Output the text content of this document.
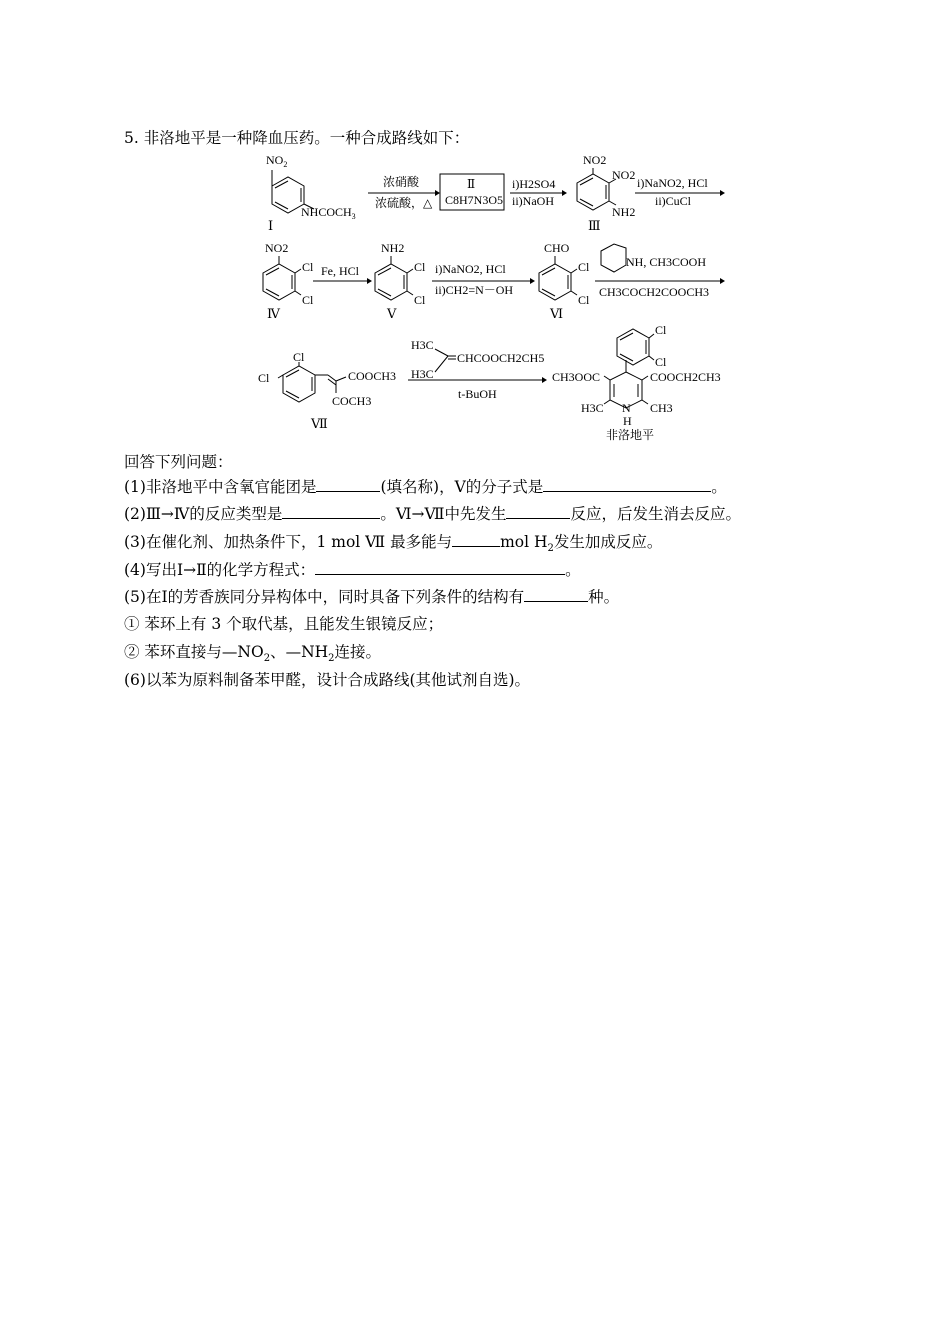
5. 非洛地平是一种降血压药。一种合成路线如下：
$NO_2$
$NHCOCH_3$
Ⅰ
浓硝酸
浓硫酸，△
Ⅱ
C8H7N3O5
i)H2SO4
ii)NaOH
NO2
NO2
NH2
Ⅲ
i)NaNO2, HCl
ii)CuCl
NO2
Cl
Cl
Ⅳ
Fe, HCl
NH2
Cl
Cl
Ⅴ
i)NaNO2, HCl
ii)CH2=N－OH
CHO
Cl
Cl
Ⅵ
NH, CH3COOH
CH3COCH2COOCH3
Cl
Cl	COOCH3
COCH3
Ⅶ
H3C
H3C
CHCOOCH2CH5
t-BuOH
Cl
Cl
CH3OOC	COOCH2CH3
H3C	CH3
N
H
非洛地平
回答下列问题：
(1)非洛地平中含氧官能团是	(填名称)，Ⅴ的分子式是	。
(2)Ⅲ→Ⅳ的反应类型是	。Ⅵ→Ⅶ中先发生	反应，后发生消去反应。
(3)在催化剂、加热条件下，1 mol Ⅶ 最多能与	mol $H_2$发生加成反应。
(4)写出Ⅰ→Ⅱ的化学方程式：	。
(5)在Ⅰ的芳香族同分异构体中，同时具备下列条件的结构有	种。
① 苯环上有 3 个取代基，且能发生银镜反应；
② 苯环直接与$—NO_2$、$—NH_2$连接。
(6)以苯为原料制备苯甲醛，设计合成路线(其他试剂自选)。
